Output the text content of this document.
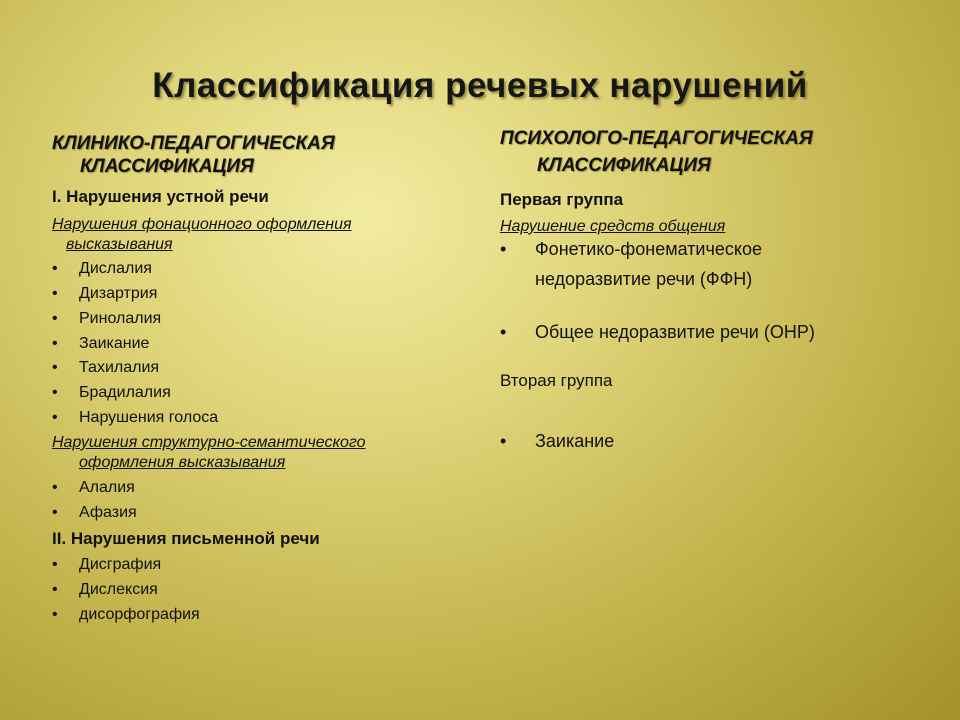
Классификация речевых нарушений
КЛИНИКО-ПЕДАГОГИЧЕСКАЯ
КЛАССИФИКАЦИЯ
I. Нарушения устной речи
Нарушения фонационного оформления
высказывания
• Дислалия
• Дизартрия
• Ринолалия
• Заикание
• Тахилалия
• Брадилалия
• Нарушения голоса
Нарушения структурно-семантического
оформления высказывания
• Алалия
• Афазия
II. Нарушения письменной речи
• Дисграфия
• Дислексия
• дисорфография
ПСИХОЛОГО-ПЕДАГОГИЧЕСКАЯ
КЛАССИФИКАЦИЯ
Первая группа
Нарушение средств общения
• Фонетико-фонематическое недоразвитие речи (ФФН)
• Общее недоразвитие речи (ОНР)
Вторая группа
• Заикание
